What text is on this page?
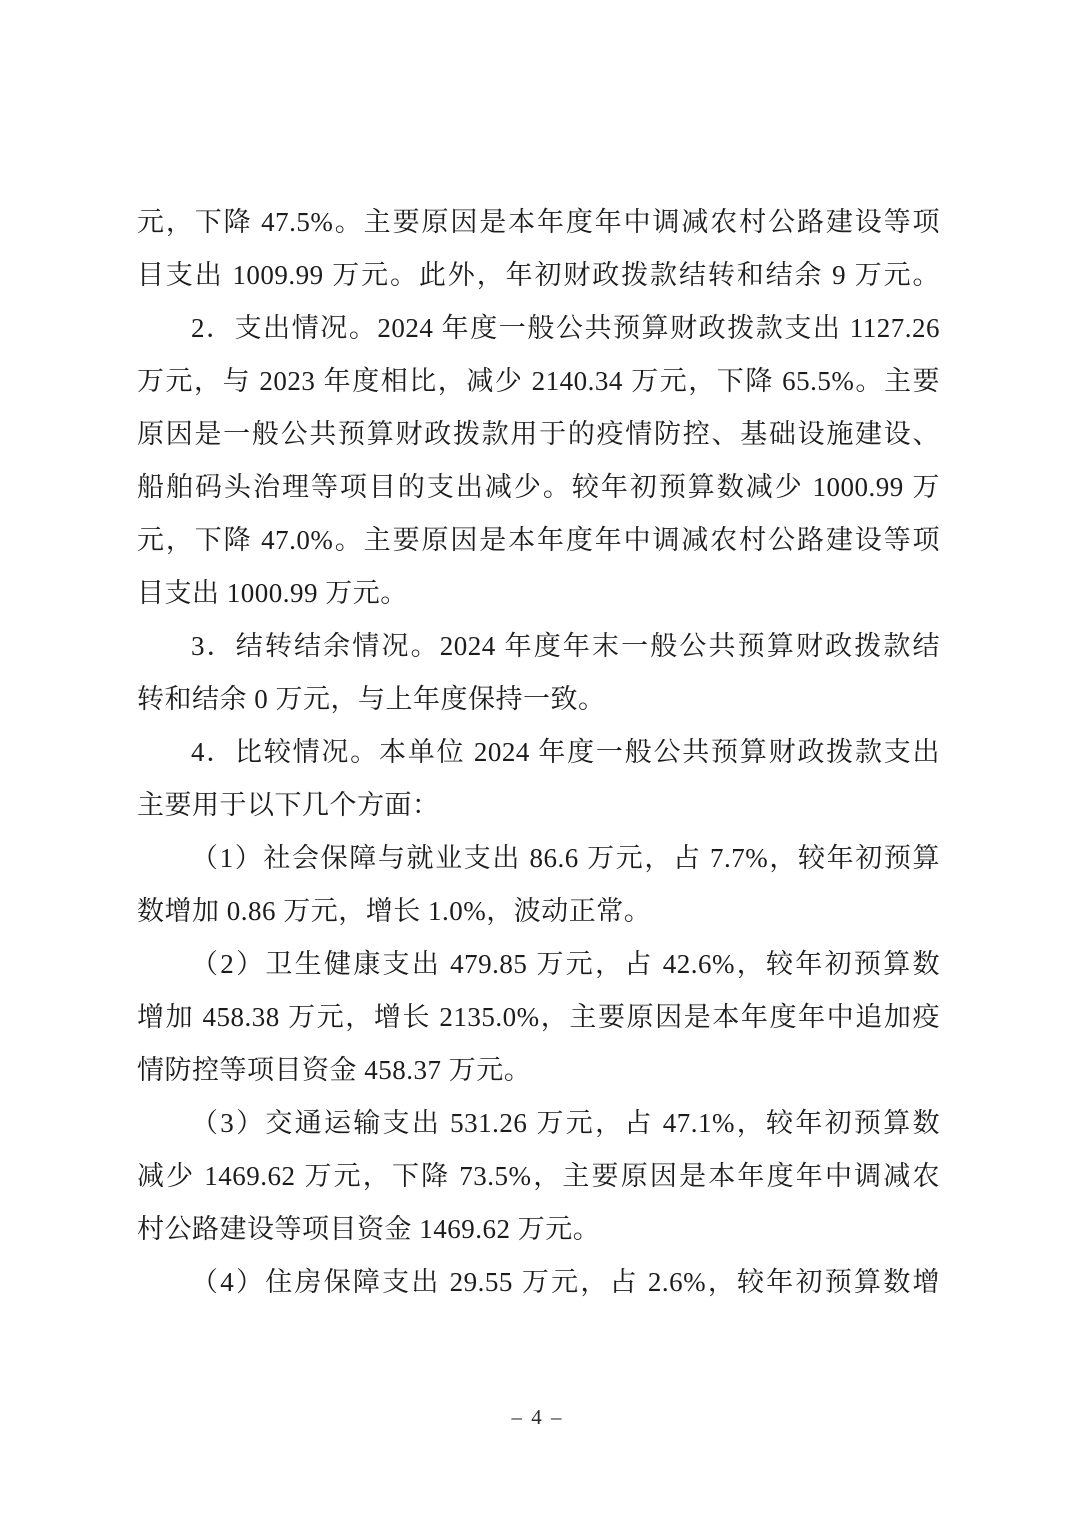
元，下降 47.5%。主要原因是本年度年中调减农村公路建设等项

目支出 1009.99 万元。此外，年初财政拨款结转和结余 9 万元。

2．支出情况。2024 年度一般公共预算财政拨款支出 1127.26

万元，与 2023 年度相比，减少 2140.34 万元，下降 65.5%。主要

原因是一般公共预算财政拨款用于的疫情防控、基础设施建设、

船舶码头治理等项目的支出减少。较年初预算数减少 1000.99 万

元，下降 47.0%。主要原因是本年度年中调减农村公路建设等项

目支出 1000.99 万元。

3．结转结余情况。2024 年度年末一般公共预算财政拨款结

转和结余 0 万元，与上年度保持一致。

4．比较情况。本单位 2024 年度一般公共预算财政拨款支出

主要用于以下几个方面：

（1）社会保障与就业支出 86.6 万元，占 7.7%，较年初预算

数增加 0.86 万元，增长 1.0%，波动正常。

（2）卫生健康支出 479.85 万元，占 42.6%，较年初预算数

增加 458.38 万元，增长 2135.0%，主要原因是本年度年中追加疫

情防控等项目资金 458.37 万元。

（3）交通运输支出 531.26 万元，占 47.1%，较年初预算数

减少 1469.62 万元，下降 73.5%，主要原因是本年度年中调减农

村公路建设等项目资金 1469.62 万元。

（4）住房保障支出 29.55 万元，占 2.6%，较年初预算数增

– 4 –
